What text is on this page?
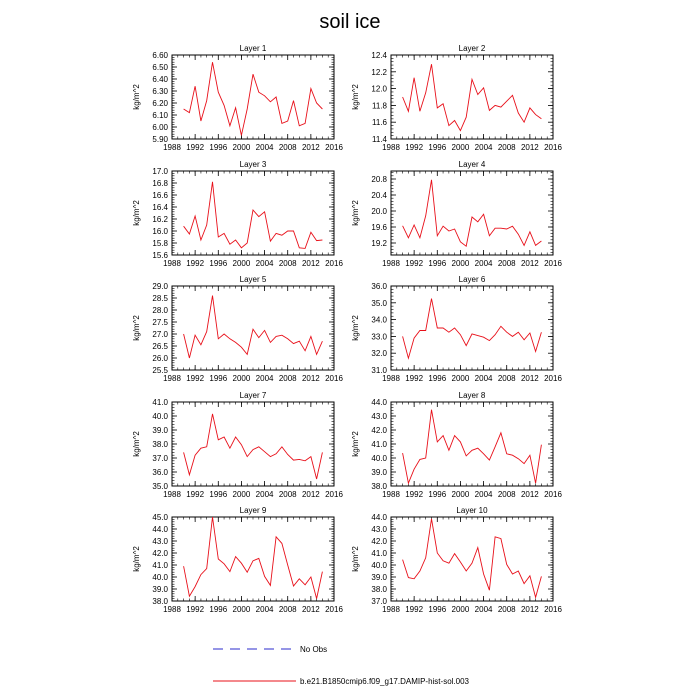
soil ice
Layer 1
kg/m^2
1988 1992 1996 2000 2004 2008 2012 2016
5.90
6.00
6.10
6.20
6.30
6.40
6.50
6.60
Layer 2
kg/m^2
1988 1992 1996 2000 2004 2008 2012 2016
11.4
11.6
11.8
12.0
12.2
12.4
Layer 3
kg/m^2
1988 1992 1996 2000 2004 2008 2012 2016
15.6
15.8
16.0
16.2
16.4
16.6
16.8
17.0
Layer 4
kg/m^2
1988 1992 1996 2000 2004 2008 2012 2016
19.2
19.6
20.0
20.4
20.8
Layer 5
kg/m^2
1988 1992 1996 2000 2004 2008 2012 2016
25.5
26.0
26.5
27.0
27.5
28.0
28.5
29.0
Layer 6
kg/m^2
1988 1992 1996 2000 2004 2008 2012 2016
31.0
32.0
33.0
34.0
35.0
36.0
Layer 7
kg/m^2
1988 1992 1996 2000 2004 2008 2012 2016
35.0
36.0
37.0
38.0
39.0
40.0
41.0
Layer 8
kg/m^2
1988 1992 1996 2000 2004 2008 2012 2016
38.0
39.0
40.0
41.0
42.0
43.0
44.0
Layer 9
kg/m^2
1988 1992 1996 2000 2004 2008 2012 2016
38.0
39.0
40.0
41.0
42.0
43.0
44.0
45.0
Layer 10
kg/m^2
1988 1992 1996 2000 2004 2008 2012 2016
37.0
38.0
39.0
40.0
41.0
42.0
43.0
44.0
No Obs
b.e21.B1850cmip6.f09_g17.DAMIP-hist-sol.003
